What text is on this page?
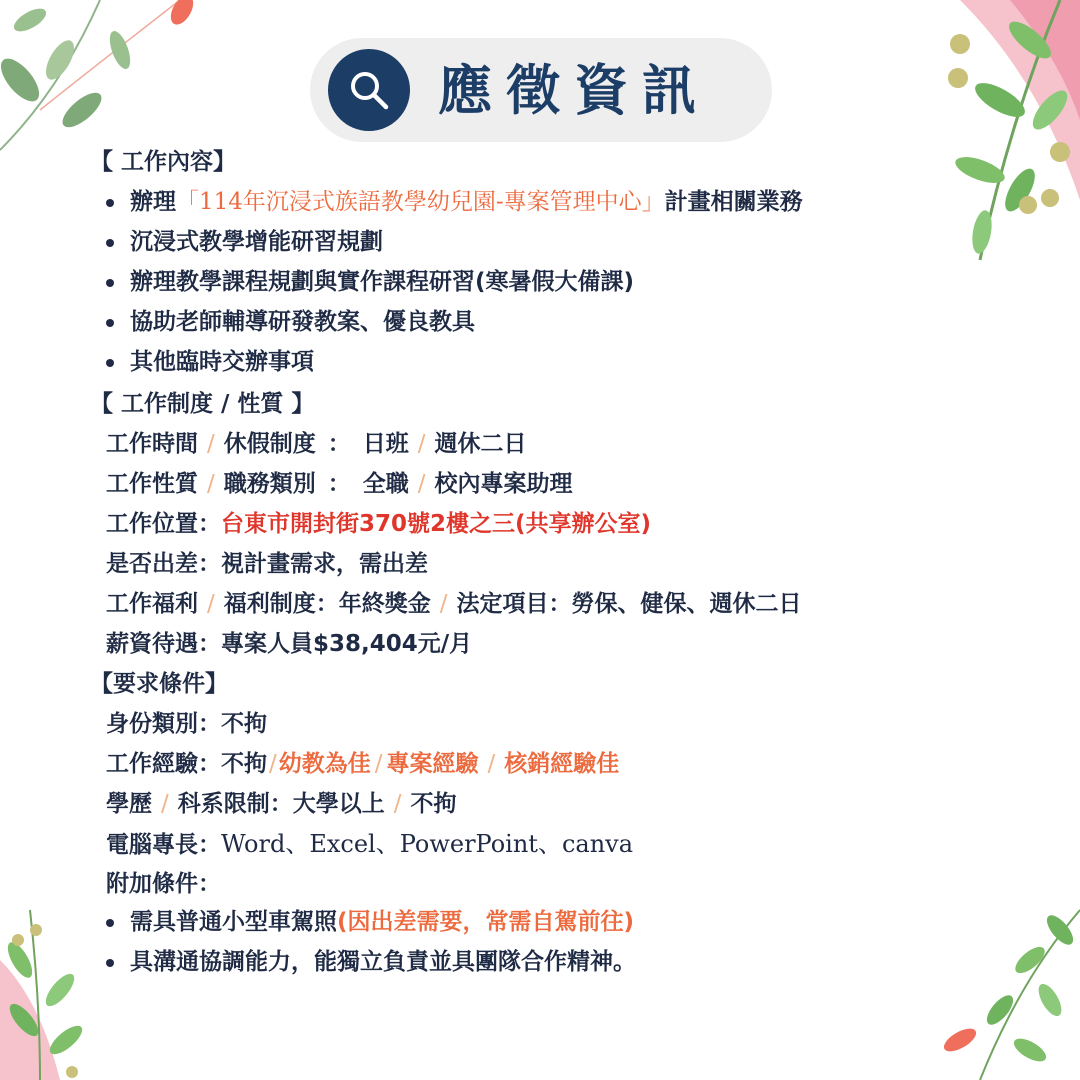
應徵資訊
【 工作內容】
辦理「114年沉浸式族語教學幼兒園-專案管理中心」計畫相關業務
沉浸式教學增能研習規劃
辦理教學課程規劃與實作課程研習(寒暑假大備課)
協助老師輔導研發教案、優良教具
其他臨時交辦事項
【 工作制度 / 性質 】
工作時間 / 休假制度 ： 日班 / 週休二日
工作性質 / 職務類別 ： 全職 / 校內專案助理
工作位置：台東市開封街370號2樓之三(共享辦公室)
是否出差：視計畫需求，需出差
工作福利 / 福利制度：年終獎金 / 法定項目：勞保、健保、週休二日
薪資待遇：專案人員$38,404元/月
【要求條件】
身份類別：不拘
工作經驗：不拘/幼教為佳 / 專案經驗 / 核銷經驗佳
學歷 / 科系限制：大學以上 / 不拘
電腦專長：Word、Excel、PowerPoint、canva
附加條件：
需具普通小型車駕照(因出差需要，常需自駕前往)
具溝通協調能力，能獨立負責並具團隊合作精神。
